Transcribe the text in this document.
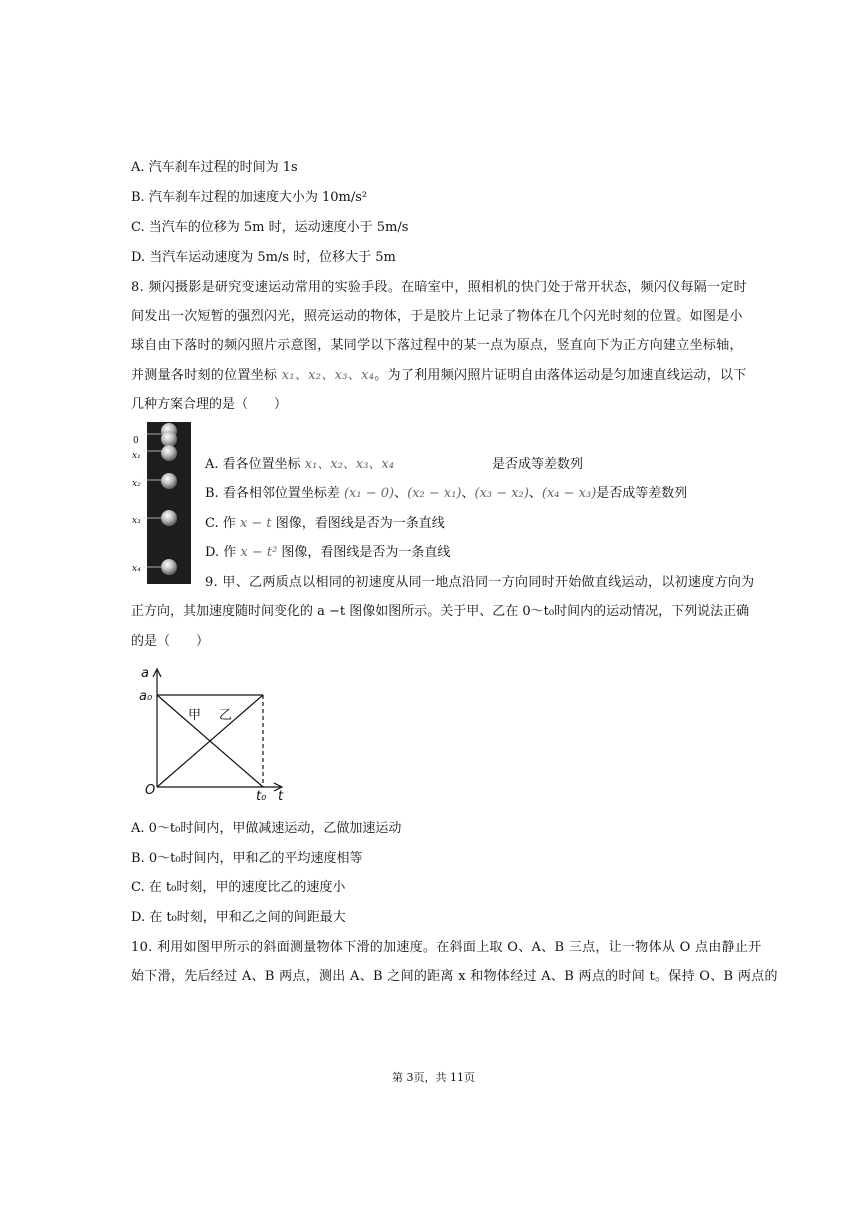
A. 汽车刹车过程的时间为 1s
B. 汽车刹车过程的加速度大小为 10m/s²
C. 当汽车的位移为 5m 时，运动速度小于 5m/s
D. 当汽车运动速度为 5m/s 时，位移大于 5m
8. 频闪摄影是研究变速运动常用的实验手段。在暗室中，照相机的快门处于常开状态，频闪仪每隔一定时
间发出一次短暂的强烈闪光，照亮运动的物体，于是胶片上记录了物体在几个闪光时刻的位置。如图是小
球自由下落时的频闪照片示意图，某同学以下落过程中的某一点为原点，竖直向下为正方向建立坐标轴，
并测量各时刻的位置坐标 x₁、x₂、x₃、x₄。为了利用频闪照片证明自由落体运动是匀加速直线运动，以下
几种方案合理的是（　　）
0
x₁
x₂
x₃
x₄
A. 看各位置坐标 x₁、x₂、x₃、x₄	是否成等差数列
B. 看各相邻位置坐标差 (x₁ − 0)、(x₂ − x₁)、(x₃ − x₂)、(x₄ − x₃)是否成等差数列
C. 作 x − t 图像，看图线是否为一条直线
D. 作 x − t² 图像，看图线是否为一条直线
9. 甲、乙两质点以相同的初速度从同一地点沿同一方向同时开始做直线运动，以初速度方向为
正方向，其加速度随时间变化的 a −t 图像如图所示。关于甲、乙在 0～t₀时间内的运动情况，下列说法正确
的是（　　）
a
a₀
O	t₀ t
甲 乙
A. 0～t₀时间内，甲做减速运动，乙做加速运动
B. 0～t₀时间内，甲和乙的平均速度相等
C. 在 t₀时刻，甲的速度比乙的速度小
D. 在 t₀时刻，甲和乙之间的间距最大
10. 利用如图甲所示的斜面测量物体下滑的加速度。在斜面上取 O、A、B 三点，让一物体从 O 点由静止开
始下滑，先后经过 A、B 两点，测出 A、B 之间的距离 x 和物体经过 A、B 两点的时间 t。保持 O、B 两点的
第 3页，共 11页
